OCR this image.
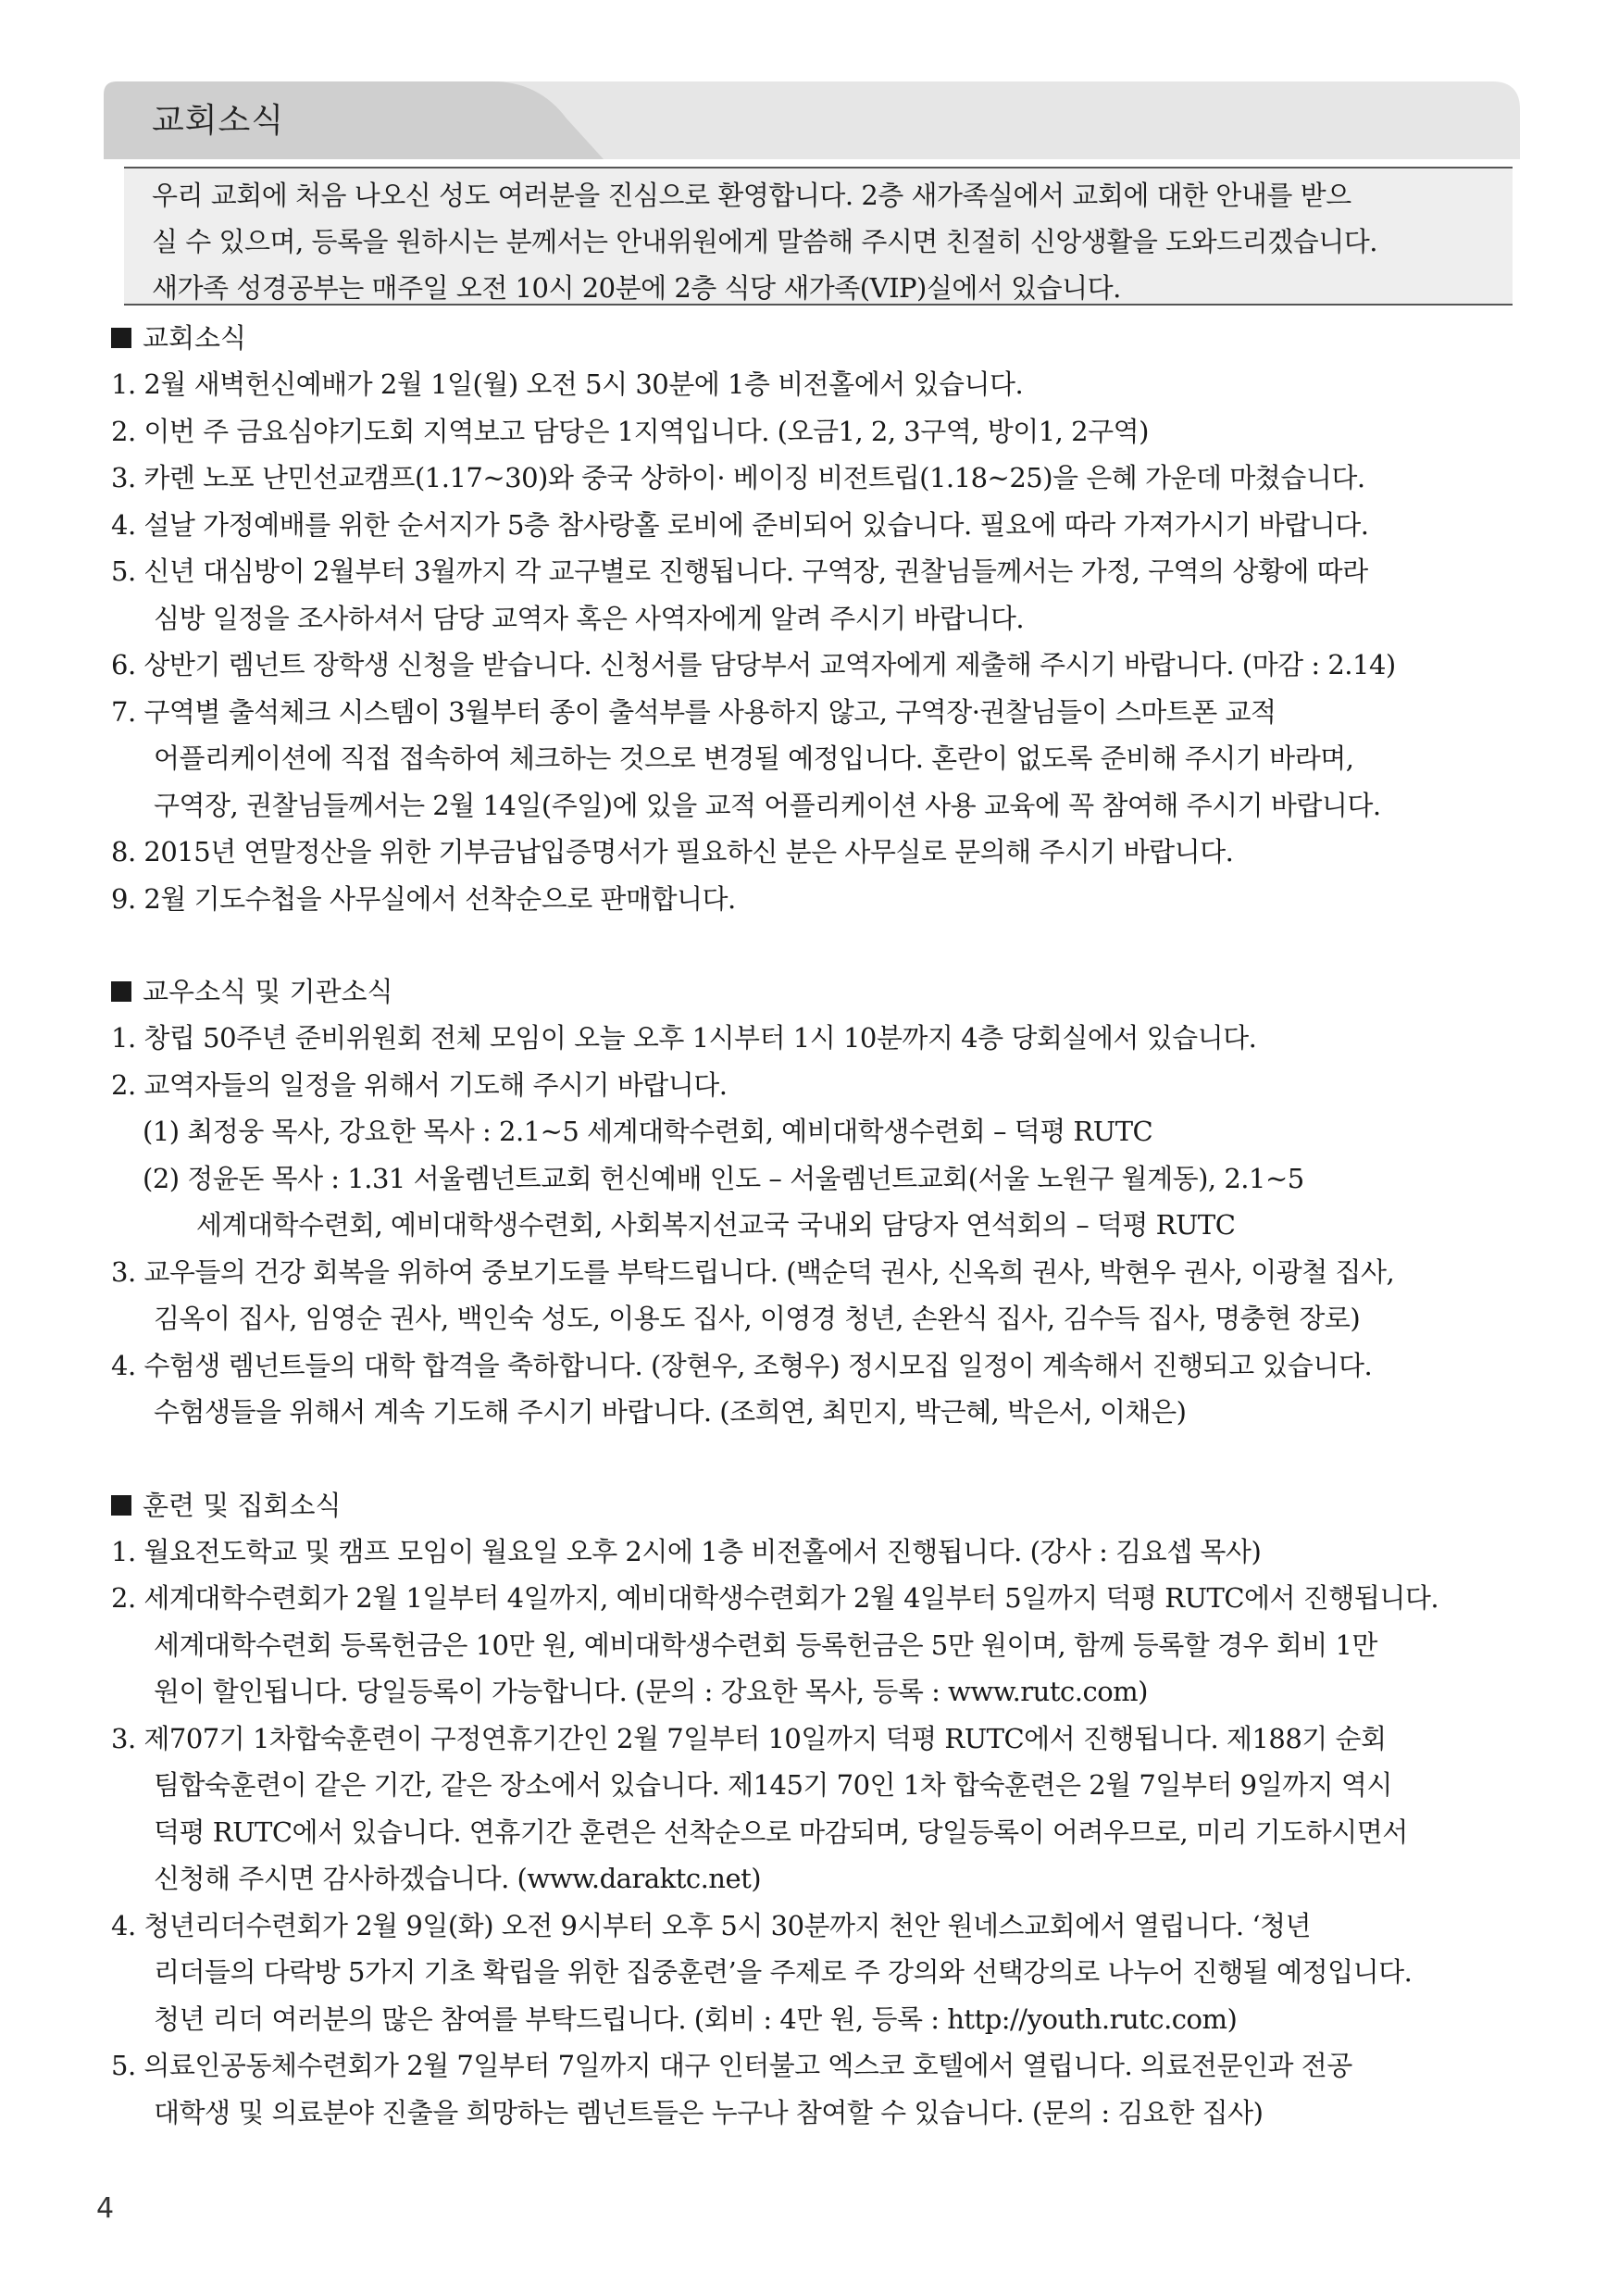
교회소식
우리 교회에 처음 나오신 성도 여러분을 진심으로 환영합니다. 2층 새가족실에서 교회에 대한 안내를 받으
실 수 있으며, 등록을 원하시는 분께서는 안내위원에게 말씀해 주시면 친절히 신앙생활을 도와드리겠습니다.
새가족 성경공부는 매주일 오전 10시 20분에 2층 식당 새가족(VIP)실에서 있습니다.
교회소식
1. 2월 새벽헌신예배가 2월 1일(월) 오전 5시 30분에 1층 비전홀에서 있습니다.
2. 이번 주 금요심야기도회 지역보고 담당은 1지역입니다. (오금1, 2, 3구역, 방이1, 2구역)
3. 카렌 노포 난민선교캠프(1.17~30)와 중국 상하이· 베이징 비전트립(1.18~25)을 은혜 가운데 마쳤습니다.
4. 설날 가정예배를 위한 순서지가 5층 참사랑홀 로비에 준비되어 있습니다. 필요에 따라 가져가시기 바랍니다.
5. 신년 대심방이 2월부터 3월까지 각 교구별로 진행됩니다. 구역장, 권찰님들께서는 가정, 구역의 상황에 따라
심방 일정을 조사하셔서 담당 교역자 혹은 사역자에게 알려 주시기 바랍니다.
6. 상반기 렘넌트 장학생 신청을 받습니다. 신청서를 담당부서 교역자에게 제출해 주시기 바랍니다. (마감 : 2.14)
7. 구역별 출석체크 시스템이 3월부터 종이 출석부를 사용하지 않고, 구역장·권찰님들이 스마트폰 교적
어플리케이션에 직접 접속하여 체크하는 것으로 변경될 예정입니다. 혼란이 없도록 준비해 주시기 바라며,
구역장, 권찰님들께서는 2월 14일(주일)에 있을 교적 어플리케이션 사용 교육에 꼭 참여해 주시기 바랍니다.
8. 2015년 연말정산을 위한 기부금납입증명서가 필요하신 분은 사무실로 문의해 주시기 바랍니다.
9. 2월 기도수첩을 사무실에서 선착순으로 판매합니다.
교우소식 및 기관소식
1. 창립 50주년 준비위원회 전체 모임이 오늘 오후 1시부터 1시 10분까지 4층 당회실에서 있습니다.
2. 교역자들의 일정을 위해서 기도해 주시기 바랍니다.
(1) 최정웅 목사, 강요한 목사 : 2.1~5 세계대학수련회, 예비대학생수련회 – 덕평 RUTC
(2) 정윤돈 목사 : 1.31 서울렘넌트교회 헌신예배 인도 – 서울렘넌트교회(서울 노원구 월계동), 2.1~5
세계대학수련회, 예비대학생수련회, 사회복지선교국 국내외 담당자 연석회의 – 덕평 RUTC
3. 교우들의 건강 회복을 위하여 중보기도를 부탁드립니다. (백순덕 권사, 신옥희 권사, 박현우 권사, 이광철 집사,
김옥이 집사, 임영순 권사, 백인숙 성도, 이용도 집사, 이영경 청년, 손완식 집사, 김수득 집사, 명충현 장로)
4. 수험생 렘넌트들의 대학 합격을 축하합니다. (장현우, 조형우) 정시모집 일정이 계속해서 진행되고 있습니다.
수험생들을 위해서 계속 기도해 주시기 바랍니다. (조희연, 최민지, 박근혜, 박은서, 이채은)
훈련 및 집회소식
1. 월요전도학교 및 캠프 모임이 월요일 오후 2시에 1층 비전홀에서 진행됩니다. (강사 : 김요셉 목사)
2. 세계대학수련회가 2월 1일부터 4일까지, 예비대학생수련회가 2월 4일부터 5일까지 덕평 RUTC에서 진행됩니다.
세계대학수련회 등록헌금은 10만 원, 예비대학생수련회 등록헌금은 5만 원이며, 함께 등록할 경우 회비 1만
원이 할인됩니다. 당일등록이 가능합니다. (문의 : 강요한 목사, 등록 : www.rutc.com)
3. 제707기 1차합숙훈련이 구정연휴기간인 2월 7일부터 10일까지 덕평 RUTC에서 진행됩니다. 제188기 순회
팀합숙훈련이 같은 기간, 같은 장소에서 있습니다. 제145기 70인 1차 합숙훈련은 2월 7일부터 9일까지 역시
덕평 RUTC에서 있습니다. 연휴기간 훈련은 선착순으로 마감되며, 당일등록이 어려우므로, 미리 기도하시면서
신청해 주시면 감사하겠습니다. (www.daraktc.net)
4. 청년리더수련회가 2월 9일(화) 오전 9시부터 오후 5시 30분까지 천안 원네스교회에서 열립니다. ‘청년
리더들의 다락방 5가지 기초 확립을 위한 집중훈련’을 주제로 주 강의와 선택강의로 나누어 진행될 예정입니다.
청년 리더 여러분의 많은 참여를 부탁드립니다. (회비 : 4만 원, 등록 : http://youth.rutc.com)
5. 의료인공동체수련회가 2월 7일부터 7일까지 대구 인터불고 엑스코 호텔에서 열립니다. 의료전문인과 전공
대학생 및 의료분야 진출을 희망하는 렘넌트들은 누구나 참여할 수 있습니다. (문의 : 김요한 집사)
4
